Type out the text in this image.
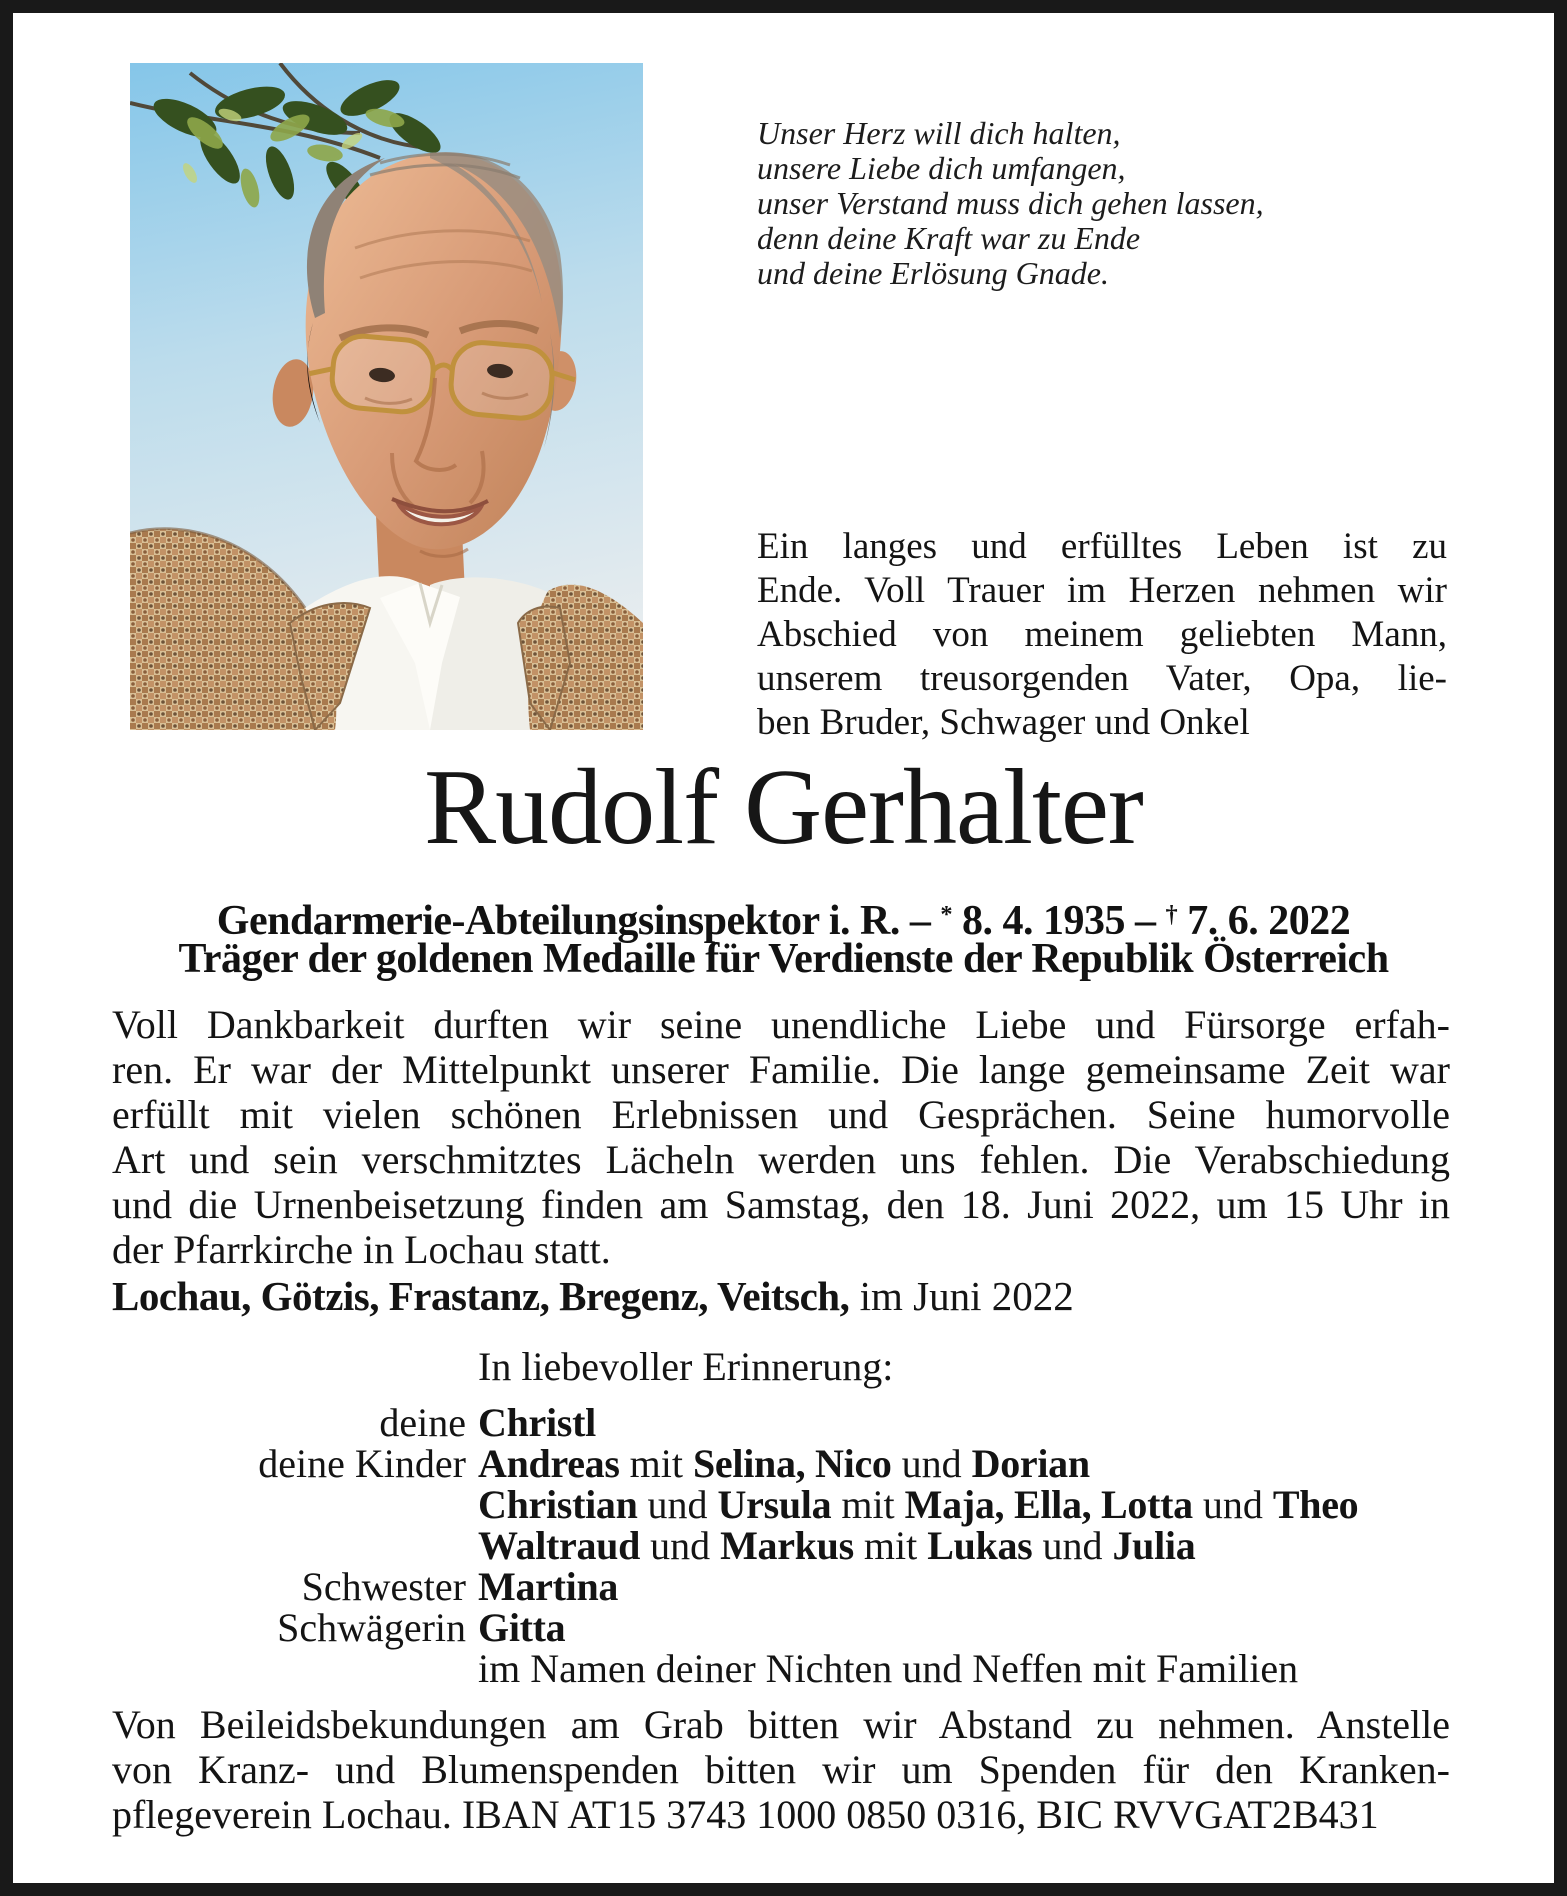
Unser Herz will dich halten,
unsere Liebe dich umfangen,
unser Verstand muss dich gehen lassen,
denn deine Kraft war zu Ende
und deine Erlösung Gnade.
Ein langes und erfülltes Leben ist zu
Ende. Voll Trauer im Herzen nehmen wir
Abschied von meinem geliebten Mann,
unserem treusorgenden Vater, Opa, lie-
ben Bruder, Schwager und Onkel
Rudolf Gerhalter
Gendarmerie-Abteilungsinspektor i. R. – * 8. 4. 1935 – † 7. 6. 2022
Träger der goldenen Medaille für Verdienste der Republik Österreich
Voll Dankbarkeit durften wir seine unendliche Liebe und Fürsorge erfah-
ren. Er war der Mittelpunkt unserer Familie. Die lange gemeinsame Zeit war
erfüllt mit vielen schönen Erlebnissen und Gesprächen. Seine humorvolle
Art und sein verschmitztes Lächeln werden uns fehlen. Die Verabschiedung
und die Urnenbeisetzung finden am Samstag, den 18. Juni 2022, um 15 Uhr in
der Pfarrkirche in Lochau statt.
Lochau, Götzis, Frastanz, Bregenz, Veitsch, im Juni 2022
In liebevoller Erinnerung:
deine Christl
deine Kinder Andreas mit Selina, Nico und Dorian
Christian und Ursula mit Maja, Ella, Lotta und Theo
Waltraud und Markus mit Lukas und Julia
Schwester Martina
Schwägerin Gitta
im Namen deiner Nichten und Neffen mit Familien
Von Beileidsbekundungen am Grab bitten wir Abstand zu nehmen. Anstelle
von Kranz- und Blumenspenden bitten wir um Spenden für den Kranken-
pflegeverein Lochau. IBAN AT15 3743 1000 0850 0316, BIC RVVGAT2B431
